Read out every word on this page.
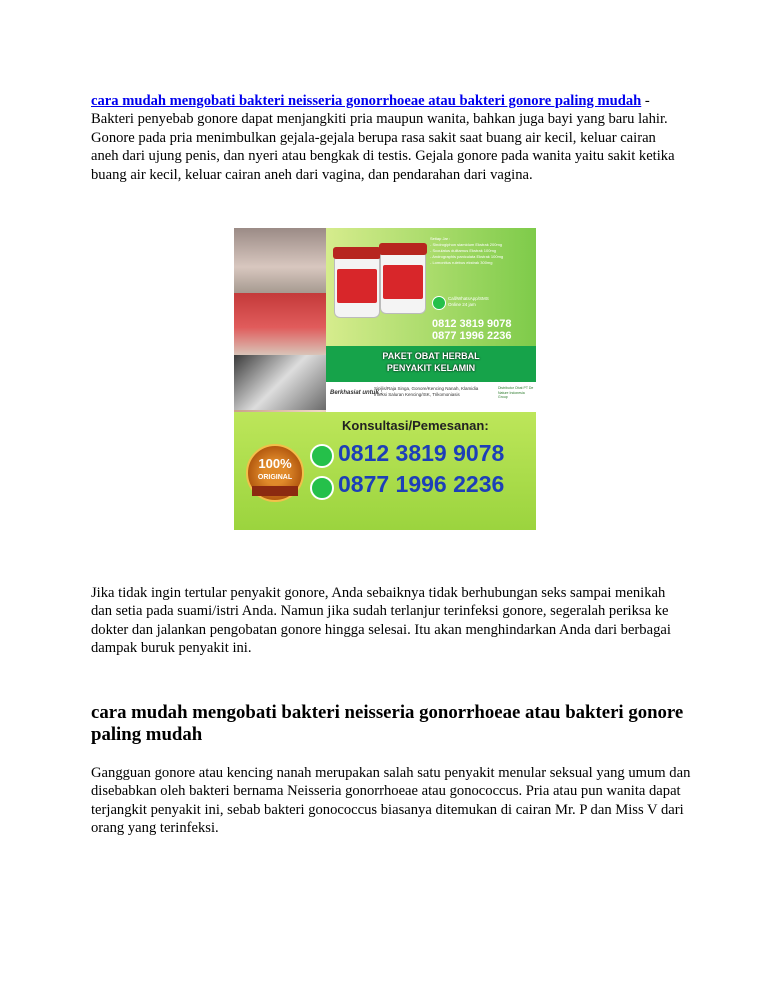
cara mudah mengobati bakteri neisseria gonorrhoeae atau bakteri gonore paling mudah - Bakteri penyebab gonore dapat menjangkiti pria maupun wanita, bahkan juga bayi yang baru lahir. Gonore pada pria menimbulkan gejala-gejala berupa rasa sakit saat buang air kecil, keluar cairan aneh dari ujung penis, dan nyeri atau bengkak di testis. Gejala gonore pada wanita yaitu sakit ketika buang air kecil, keluar cairan aneh dari vagina, dan pendarahan dari vagina.

Setiap Jar :
- Sindrogiphon siamidum Ekstrak 200mg
- Scoulatus dulitamus Ekstrak 100mg
- Andrographis paniculata Ekstrak 100mg
- Lomonitus rulebus ekstrak 300mg
Call/WhatsApp/SMS
Online 24 jam
0812 3819 9078
0877 1996 2236
PAKET OBAT HERBAL
PENYAKIT KELAMIN
Berkhasiat untuk :
Sipilis/Raja Singa, Gonore/Kencing Nanah, Klamidia
Infeksi Saluran Kencing/ISK, Trikomoniasis
Distributor Obat PT De Nature Indonesia Group
Konsultasi/Pemesanan:
0812 3819 9078
0877 1996 2236
100%
ORIGINAL

Jika tidak ingin tertular penyakit gonore, Anda sebaiknya tidak berhubungan seks sampai menikah dan setia pada suami/istri Anda. Namun jika sudah terlanjur terinfeksi gonore, segeralah periksa ke dokter dan jalankan pengobatan gonore hingga selesai. Itu akan menghindarkan Anda dari berbagai dampak buruk penyakit ini.

cara mudah mengobati bakteri neisseria gonorrhoeae atau bakteri gonore paling mudah

Gangguan gonore atau kencing nanah merupakan salah satu penyakit menular seksual yang umum dan disebabkan oleh bakteri bernama Neisseria gonorrhoeae atau gonococcus. Pria atau pun wanita dapat terjangkit penyakit ini, sebab bakteri gonococcus biasanya ditemukan di cairan Mr. P dan Miss V dari orang yang terinfeksi.
